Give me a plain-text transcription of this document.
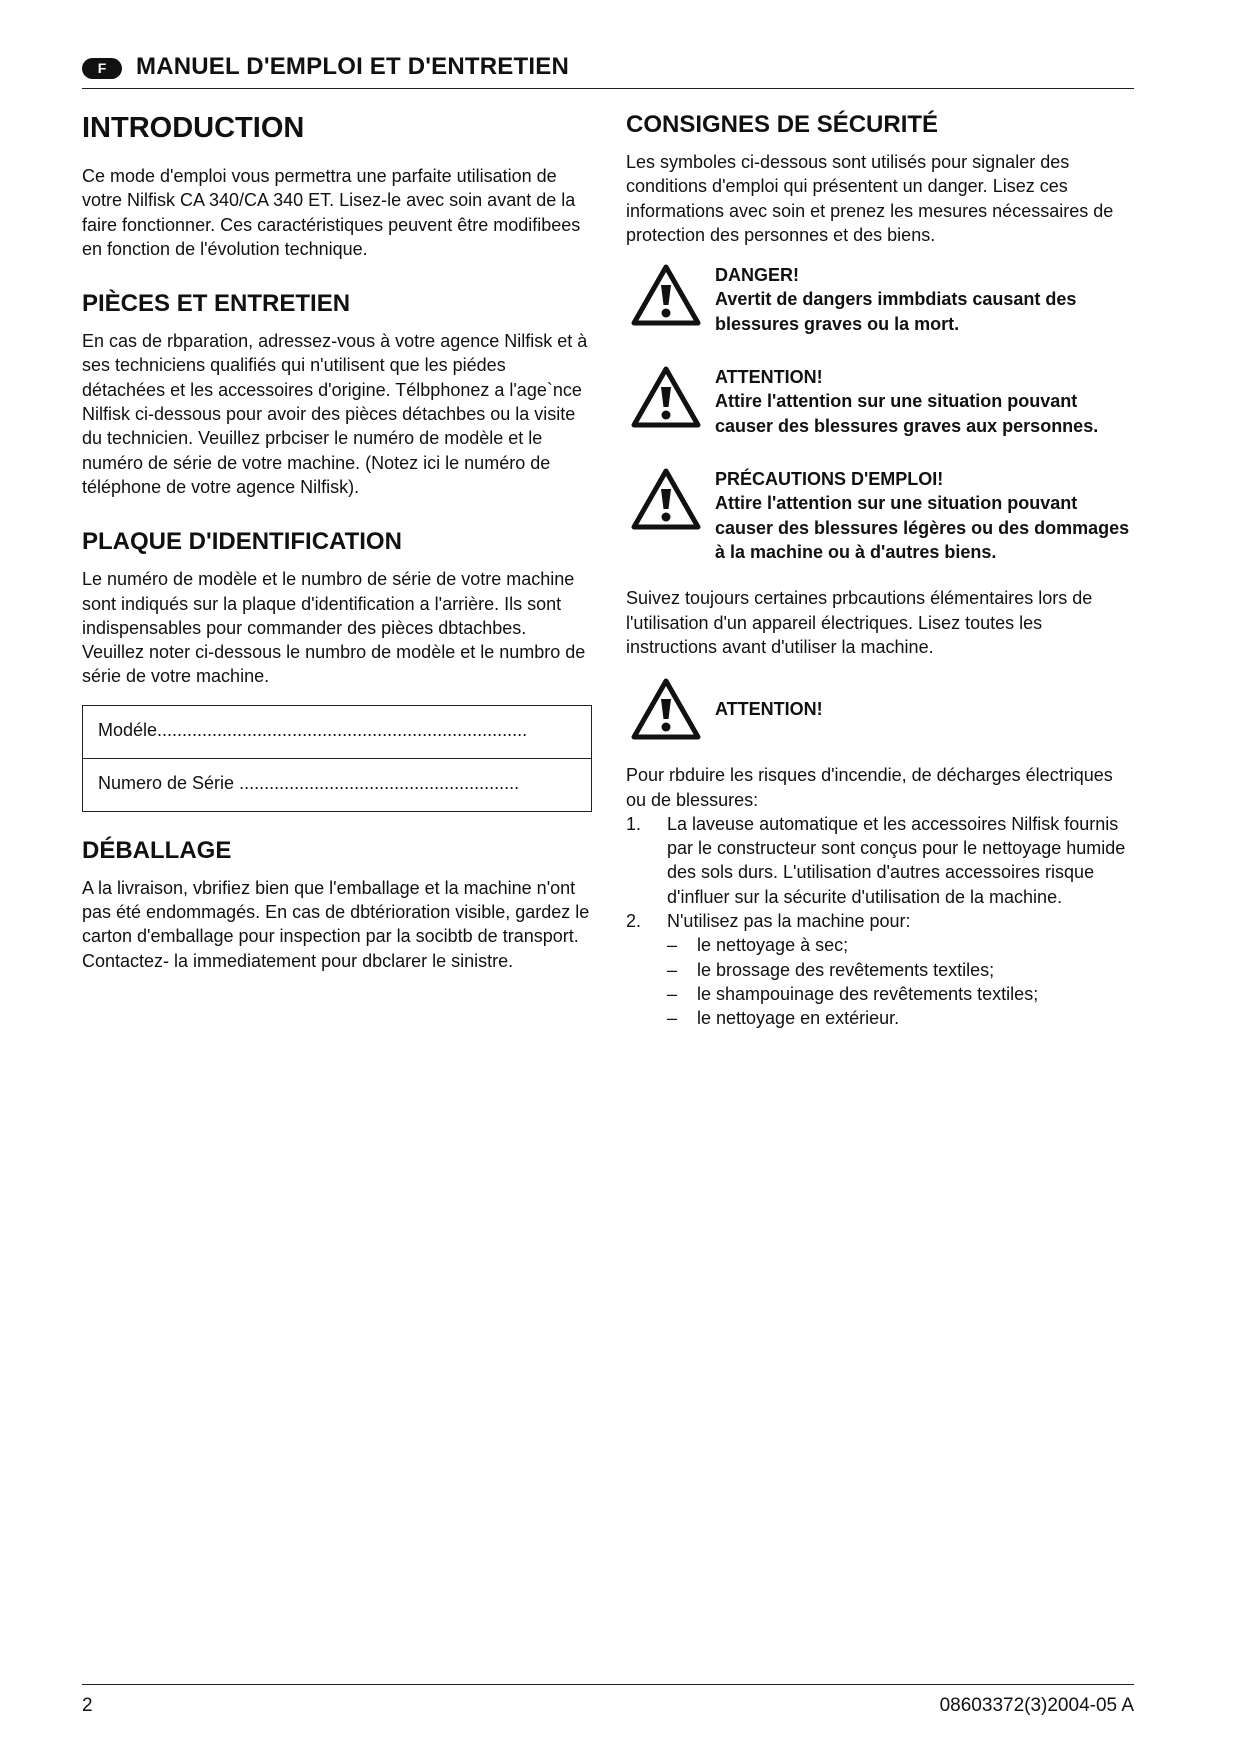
F	MANUEL D'EMPLOI ET D'ENTRETIEN
INTRODUCTION

Ce mode d'emploi vous permettra une parfaite utilisation de votre Nilfisk CA 340/CA 340 ET. Lisez-le avec soin avant de la faire fonctionner. Ces caractéristiques peuvent être modifibees en fonction de l'évolution technique.

PIÈCES ET ENTRETIEN

En cas de rbparation, adressez-vous à votre agence Nilfisk et à ses techniciens qualifiés qui n'utilisent que les piédes détachées et les accessoires d'origine. Télbphonez a l'age`nce Nilfisk ci-dessous pour avoir des pièces détachbes ou la visite du technicien. Veuillez prbciser le numéro de modèle et le numéro de série de votre machine. (Notez ici le numéro de téléphone de votre agence Nilfisk).

PLAQUE D'IDENTIFICATION

Le numéro de modèle et le numbro de série de votre machine sont indiqués sur la plaque d'identification a l'arrière. Ils sont indispensables pour commander des pièces dbtachbes. Veuillez noter ci-dessous le numbro de modèle et le numbro de série de votre machine.

Modéle..........................................................................
Numero de Série ........................................................
DÉBALLAGE

A la livraison, vbrifiez bien que l'emballage et la machine n'ont pas été endommagés. En cas de dbtérioration visible, gardez le carton d'emballage pour inspection par la socibtb de transport. Contactez- la immediatement pour dbclarer le sinistre.

CONSIGNES DE SÉCURITÉ

Les symboles ci-dessous sont utilisés pour signaler des conditions d'emploi qui présentent un danger. Lisez ces informations avec soin et prenez les mesures nécessaires de protection des personnes et des biens.

DANGER!
Avertit de dangers immbdiats causant des blessures graves ou la mort.
ATTENTION!
Attire l'attention sur une situation pouvant causer des blessures graves aux personnes.
PRÉCAUTIONS D'EMPLOI!
Attire l'attention sur une situation pouvant causer des blessures légères ou des dommages à la machine ou à d'autres biens.

Suivez toujours certaines prbcautions élémentaires lors de l'utilisation d'un appareil électriques. Lisez toutes les instructions avant d'utiliser la machine.

ATTENTION!

Pour rbduire les risques d'incendie, de décharges électriques ou de blessures:

1. La laveuse automatique et les accessoires Nilfisk fournis par le constructeur sont conçus pour le nettoyage humide des sols durs. L'utilisation d'autres accessoires risque d'influer sur la sécurite d'utilisation de la machine.
2. N'utilisez pas la machine pour:
– le nettoyage à sec;
– le brossage des revêtements textiles;
– le shampouinage des revêtements textiles;
– le nettoyage en extérieur.
2	08603372(3)2004-05 A
